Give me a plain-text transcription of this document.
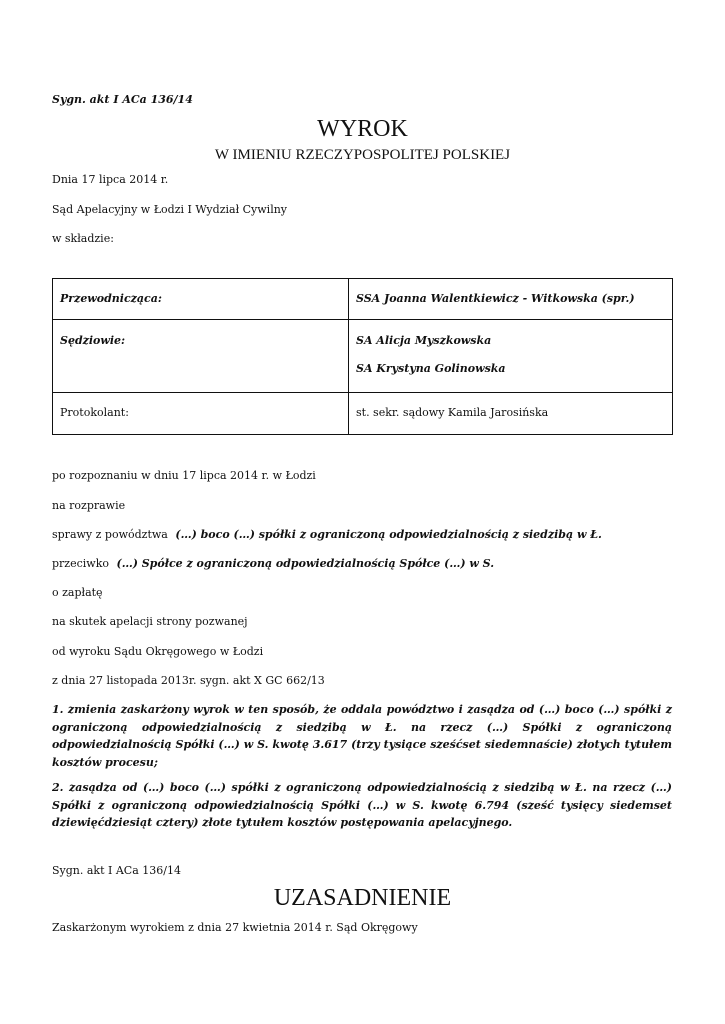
Sygn. akt I ACa 136/14

WYROK
W IMIENIU RZECZYPOSPOLITEJ POLSKIEJ

Dnia 17 lipca 2014 r.

Sąd Apelacyjny w Łodzi I Wydział Cywilny

w składzie:

Przewodnicząca:	SSA Joanna Walentkiewicz - Witkowska (spr.)
Sędziowie:	SA Alicja Myszkowska
SA Krystyna Golinowska

Protokolant:	st. sekr. sądowy Kamila Jarosińska

po rozpoznaniu w dniu 17 lipca 2014 r. w Łodzi

na rozprawie

sprawy z powództwa (…) boco (…) spółki z ograniczoną odpowiedzialnością z siedzibą w Ł.

przeciwko (…) Spółce z ograniczoną odpowiedzialnością Spółce (…) w S.

o zapłatę

na skutek apelacji strony pozwanej

od wyroku Sądu Okręgowego w Łodzi

z dnia 27 listopada 2013r. sygn. akt X GC 662/13

1. zmienia zaskarżony wyrok w ten sposób, że oddala powództwo i zasądza od (…) boco (…) spółki z ograniczoną odpowiedzialnością z siedzibą w Ł. na rzecz (…) Spółki z ograniczoną odpowiedzialnością Spółki (…) w S. kwotę 3.617 (trzy tysiące sześćset siedemnaście) złotych tytułem kosztów procesu;

2. zasądza od (…) boco (…) spółki z ograniczoną odpowiedzialnością z siedzibą w Ł. na rzecz (…) Spółki z ograniczoną odpowiedzialnością Spółki (…) w S. kwotę 6.794 (sześć tysięcy siedemset dziewięćdziesiąt cztery) złote tytułem kosztów postępowania apelacyjnego.

Sygn. akt I ACa 136/14

UZASADNIENIE

Zaskarżonym wyrokiem z dnia 27 kwietnia 2014 r. Sąd Okręgowy
